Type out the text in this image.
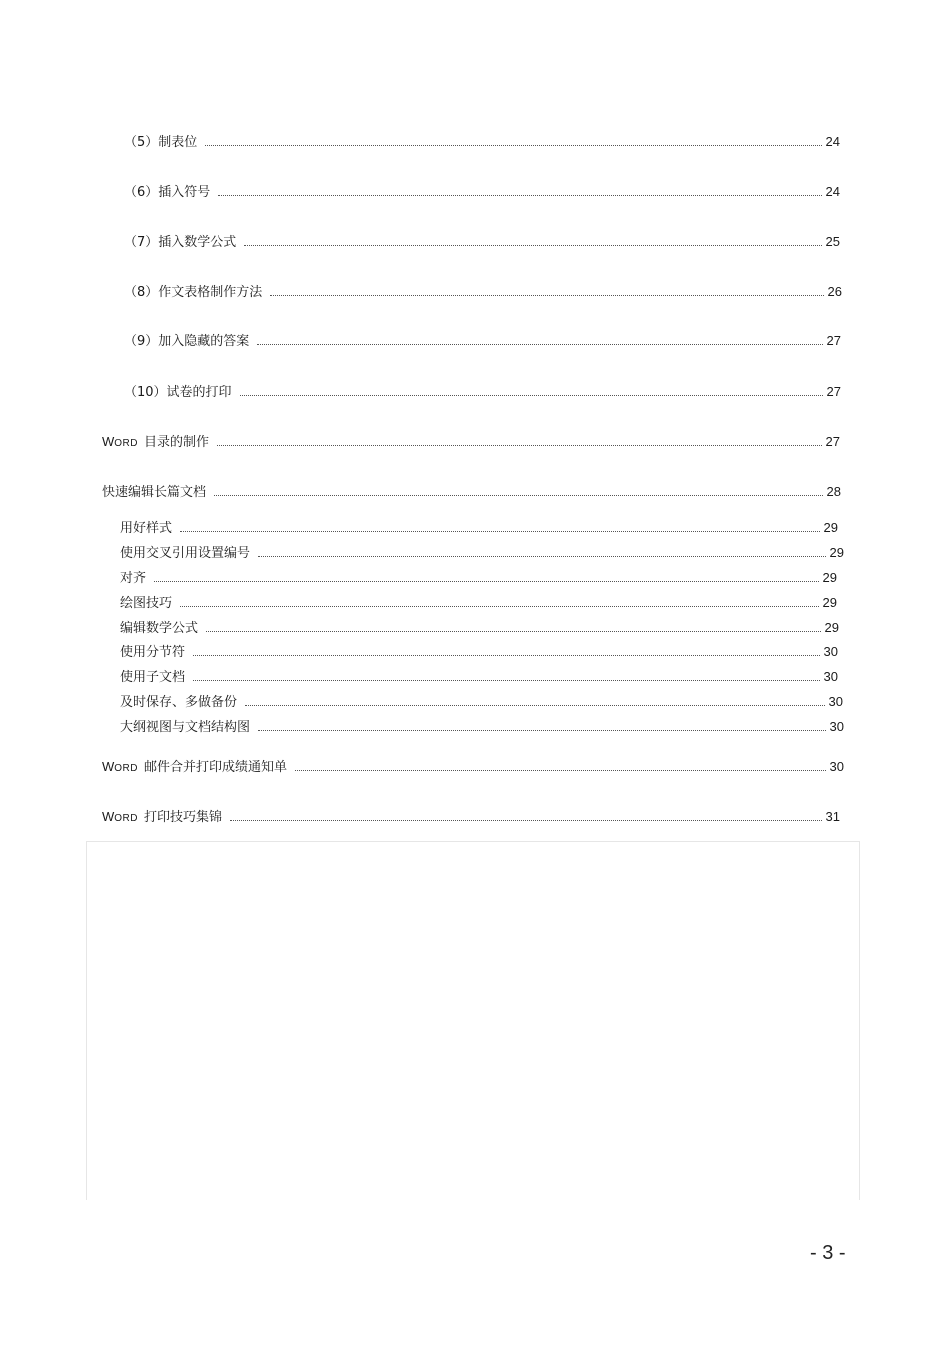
（5）制表位	24
（6）插入符号	24
（7）插入数学公式	25
（8）作文表格制作方法	26
（9）加入隐藏的答案	27
（10）试卷的打印	27
WORD 目录的制作	27
快速编辑长篇文档	28
用好样式	29
使用交叉引用设置编号	29
对齐	29
绘图技巧	29
编辑数学公式	29
使用分节符	30
使用子文档	30
及时保存、多做备份	30
大纲视图与文档结构图	30
WORD 邮件合并打印成绩通知单	30
WORD 打印技巧集锦	31
- 3 -
